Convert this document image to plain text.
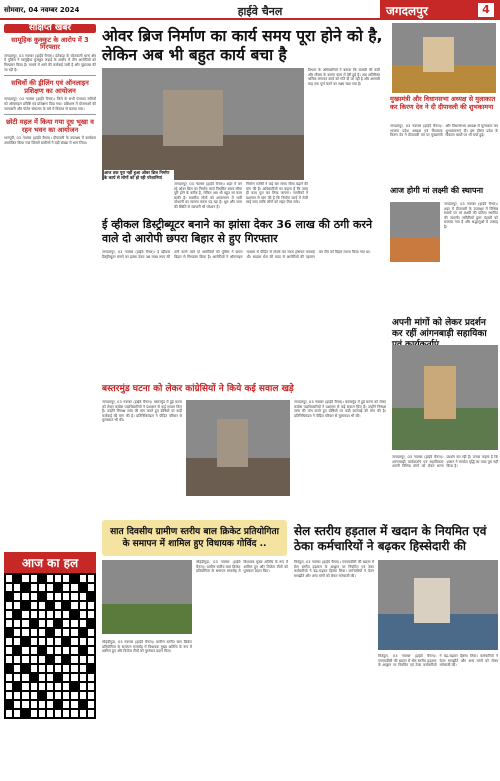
सोमवार, 04 नवम्बर 2024	हाईवे चैनल	जगदलपुर	4
संक्षिप्त खबरें
सामूहिक कुक्कुट के आरोप में 3 गिरफ्तार
जगदलपुर, 03 नवम्बर (हाईवे चैनल)। दंतेवाड़ा के कोतवाली थाना क्षेत्र में पुलिस ने सामूहिक कुक्कुट लड़ाई के आरोप में तीन आरोपियों को गिरफ्तार किया है। मामले में आगे की कार्रवाई जारी है और पूछताछ की जा रही है।
सचिवों की ड्रीलिंग एवं ऑनलाइन प्रशिक्षण का आयोजन
जगदलपुर, 03 नवम्बर (हाईवे चैनल)। जिले के सभी पंचायत सचिवों को ऑनलाइन प्रविष्टि एवं प्रशिक्षण दिया गया। प्रशिक्षण में योजनाओं की जानकारी और पोर्टल संचालन के बारे में विस्तार से बताया गया।
छोटी महल में किया गया दूध भूखा व रहन भवन का आयोजन
भानपुरी, 03 नवम्बर (हाईवे चैनल)। दीपावली के उपलक्ष्य में कार्यक्रम आयोजित किया गया जिसमें ग्रामीणों ने बड़ी संख्या में भाग लिया।
आज का हल
ओवर ब्रिज निर्माण का कार्य समय पूरा होने को है, लेकिन अब भी बहुत कार्य बचा है
आज तक पूरा नहीं हुआ ओवर ब्रिज निर्माण के कार्य से लोगों को हो रही परेशानियां
जगदलपुर, 03 नवम्बर (हाईवे चैनल)। शहर में बन रहे ओवर ब्रिज का निर्माण कार्य निर्धारित समय सीमा पूरी होने के करीब है, लेकिन अब भी बहुत सा काम बाकी है। स्थानीय लोगों को आवागमन में भारी परेशानी का सामना करना पड़ रहा है। धूल और जाम की स्थिति से व्यापारी भी परेशान हैं।
निर्माण एजेंसी ने कई बार समय सीमा बढ़ाने की मांग की है। अधिकारियों का कहना है कि जल्द ही काम पूरा कर लिया जाएगा। नागरिकों ने प्रशासन से मांग की है कि निर्माण कार्य में तेजी लाई जाए ताकि लोगों को राहत मिल सके।
विभाग के अधिकारियों ने बताया कि सामग्री की कमी और मौसम के कारण काम में देरी हुई है। अब अतिरिक्त श्रमिक लगाकर कार्य को गति दी जा रही है और आगामी माह तक पूर्ण करने का लक्ष्य रखा गया है।
ई व्हीकल डिस्ट्रीब्यूटर बनाने का झांसा देकर 36 लाख की ठगी करने वाले दो आरोपी छपरा बिहार से हुए गिरफ्तार
जगदलपुर, 03 नवम्बर (हाईवे चैनल)। ई व्हीकल डिस्ट्रीब्यूटर बनाने का झांसा देकर 36 लाख रुपए की ठगी करने वाले दो आरोपियों को पुलिस ने छपरा बिहार से गिरफ्तार किया है। आरोपियों ने ऑनलाइन माध्यम से पीड़ित से संपर्क कर रकम ट्रांसफर करवाई थी। साइबर सेल की मदद से आरोपियों की पहचान कर टीम को बिहार रवाना किया गया था।
बस्तरमुंड घटना को लेकर कांग्रेसियों ने किये कई सवाल खड़े
जगदलपुर, 03 नवम्बर (हाईवे चैनल)। बस्तरमुंड में हुई घटना को लेकर कांग्रेस पदाधिकारियों ने प्रशासन से कई सवाल किए हैं। उन्होंने निष्पक्ष जांच की मांग करते हुए दोषियों पर कड़ी कार्रवाई की मांग की है। प्रतिनिधिमंडल ने पीड़ित परिवार से मुलाकात भी की।
जगदलपुर, 03 नवम्बर (हाईवे चैनल)। बस्तरमुंड में हुई घटना को लेकर कांग्रेस पदाधिकारियों ने प्रशासन से कई सवाल किए हैं। उन्होंने निष्पक्ष जांच की मांग करते हुए दोषियों पर कड़ी कार्रवाई की मांग की है। प्रतिनिधिमंडल ने पीड़ित परिवार से मुलाकात भी की।
मुख्यमंत्री और विधानसभा अध्यक्ष से मुलाकात कर किरण देव ने दी दीपावली की शुभकामना
जगदलपुर, 03 नवम्बर (हाईवे चैनल)। भाजपा प्रदेश अध्यक्ष एवं विधायक किरण देव ने दीपावली पर्व पर मुख्यमंत्री और विधानसभा अध्यक्ष से मुलाकात कर शुभकामनाएं दीं। इस दौरान प्रदेश के विकास कार्यों पर भी चर्चा हुई।
आज होगी मां लक्ष्मी की स्थापना
जगदलपुर, 03 नवम्बर (हाईवे चैनल)। शहर में दीपावली के उपलक्ष्य में विभिन्न स्थानों पर मां लक्ष्मी की प्रतिमा स्थापित की जाएगी। समितियों द्वारा पंडालों को सजाया गया है और श्रद्धालुओं में उत्साह है।
अपनी मांगों को लेकर प्रदर्शन कर रहीं आंगनबाड़ी सहायिका
जगदलपुर, 03 नवम्बर (हाईवे चैनल)। आंगनबाड़ी कार्यकर्ताएं एवं सहायिकाएं अपनी विभिन्न मांगों को लेकर धरना प्रदर्शन कर रही हैं। उनका कहना है कि शासन ने मानदेय वृद्धि का वादा पूरा नहीं किया है।
सात दिवसीय ग्रामीण स्तरीय बाल क्रिकेट प्रतियोगिता के समापन में शामिल हुए विधायक गोविंद ..
लोहंडीगुड़ा, 03 नवम्बर (हाईवे चैनल)। ग्रामीण स्तरीय बाल क्रिकेट प्रतियोगिता के समापन समारोह में विधायक मुख्य अतिथि के रूप में शामिल हुए और विजेता टीमों को पुरस्कार प्रदान किए।
लोहंडीगुड़ा, 03 नवम्बर (हाईवे चैनल)। ग्रामीण स्तरीय बाल क्रिकेट प्रतियोगिता के समापन समारोह में विधायक मुख्य अतिथि के रूप में शामिल हुए और विजेता टीमों को पुरस्कार प्रदान किए।
सेल स्तरीय हड़ताल में खदान के नियमित एवं ठेका कर्मचारियों ने बढ़कर हिस्सेदारी की
किरंदुल, 03 नवम्बर (हाईवे चैनल)। एनएमडीसी की खदान में सेल स्तरीय हड़ताल के आह्वान पर नियमित एवं ठेका कर्मचारियों ने बढ़-चढ़कर हिस्सा लिया। कर्मचारियों ने वेतन समझौते और अन्य मांगों को लेकर नारेबाजी की।
किरंदुल, 03 नवम्बर (हाईवे चैनल)। एनएमडीसी की खदान में सेल स्तरीय हड़ताल के आह्वान पर नियमित एवं ठेका कर्मचारियों ने बढ़-चढ़कर हिस्सा लिया। कर्मचारियों ने वेतन समझौते और अन्य मांगों को लेकर नारेबाजी की।
